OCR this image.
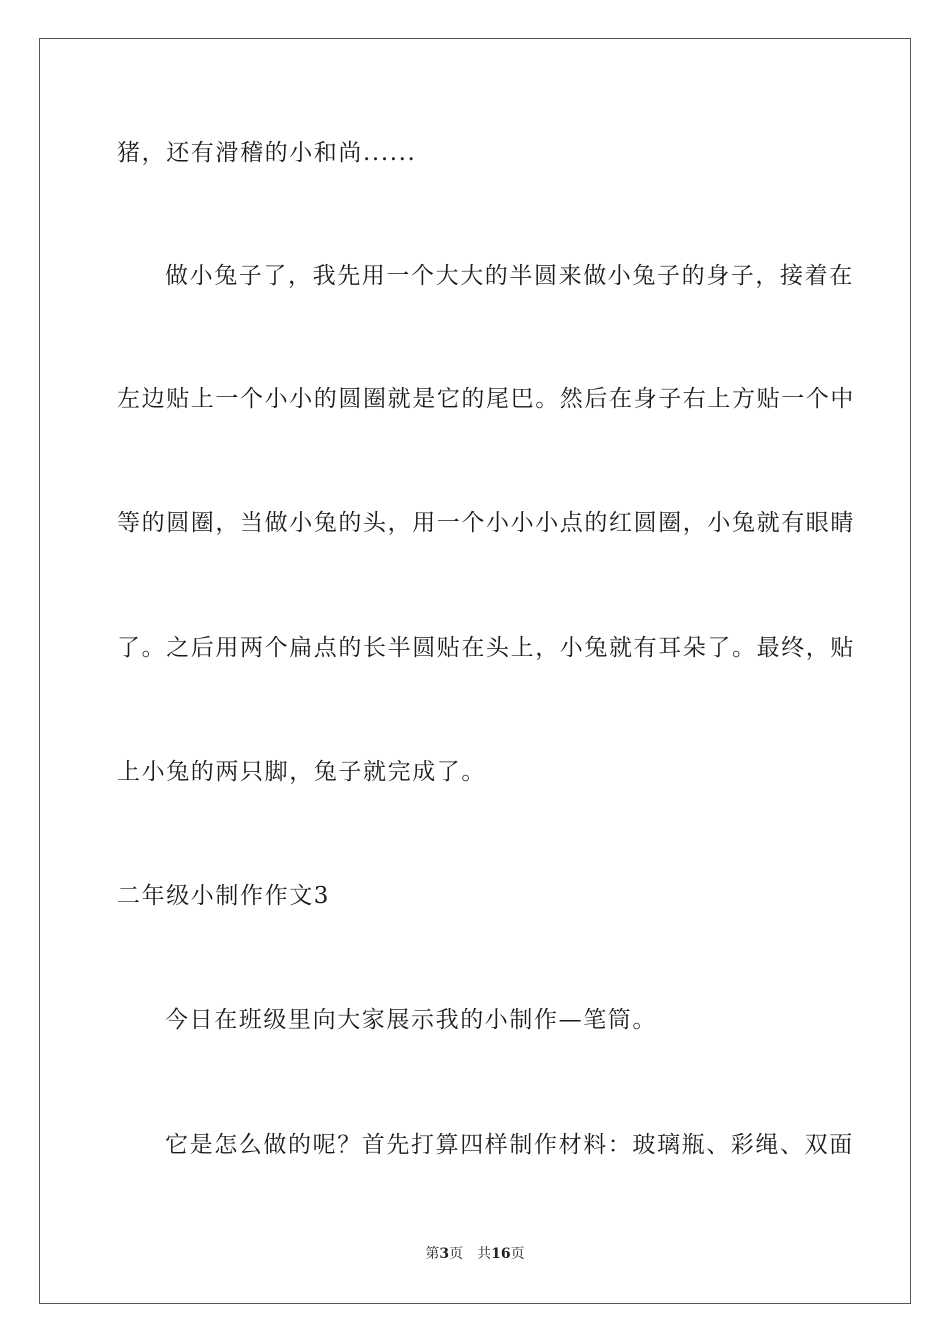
猪，还有滑稽的小和尚......
做小兔子了，我先用一个大大的半圆来做小兔子的身子，接着在
左边贴上一个小小的圆圈就是它的尾巴。然后在身子右上方贴一个中
等的圆圈，当做小兔的头，用一个小小小点的红圆圈，小兔就有眼睛
了。之后用两个扁点的长半圆贴在头上，小兔就有耳朵了。最终，贴
上小兔的两只脚，兔子就完成了。
二年级小制作作文3
今日在班级里向大家展示我的小制作—笔筒。
它是怎么做的呢？首先打算四样制作材料：玻璃瓶、彩绳、双面
第3页 共16页
